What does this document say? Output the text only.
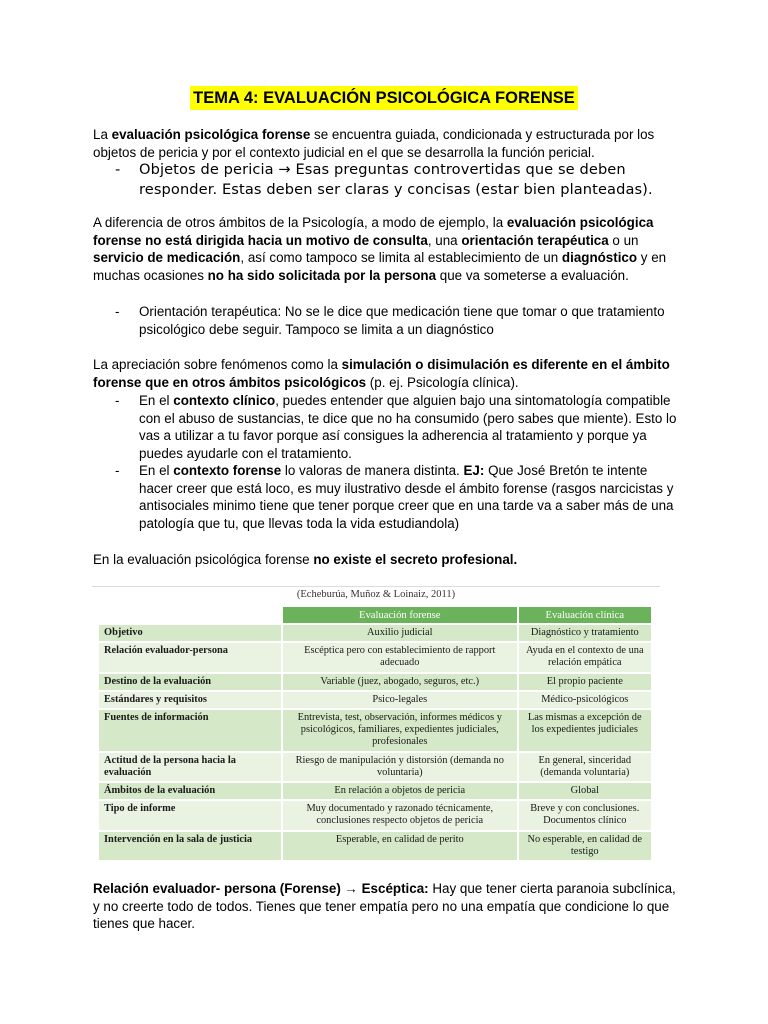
TEMA 4: EVALUACIÓN PSICOLÓGICA FORENSE
La evaluación psicológica forense se encuentra guiada, condicionada y estructurada por los objetos de pericia y por el contexto judicial en el que se desarrolla la función pericial.
- Objetos de pericia → Esas preguntas controvertidas que se deben responder. Estas deben ser claras y concisas (estar bien planteadas).
A diferencia de otros ámbitos de la Psicología, a modo de ejemplo, la evaluación psicológica forense no está dirigida hacia un motivo de consulta, una orientación terapéutica o un servicio de medicación, así como tampoco se limita al establecimiento de un diagnóstico y en muchas ocasiones no ha sido solicitada por la persona que va someterse a evaluación.
- Orientación terapéutica: No se le dice que medicación tiene que tomar o que tratamiento psicológico debe seguir. Tampoco se limita a un diagnóstico
La apreciación sobre fenómenos como la simulación o disimulación es diferente en el ámbito forense que en otros ámbitos psicológicos (p. ej. Psicología clínica).
- En el contexto clínico, puedes entender que alguien bajo una sintomatología compatible con el abuso de sustancias, te dice que no ha consumido (pero sabes que miente). Esto lo vas a utilizar a tu favor porque así consigues la adherencia al tratamiento y porque ya puedes ayudarle con el tratamiento.
- En el contexto forense lo valoras de manera distinta. EJ: Que José Bretón te intente hacer creer que está loco, es muy ilustrativo desde el ámbito forense (rasgos narcicistas y antisociales minimo tiene que tener porque creer que en una tarde va a saber más de una patología que tu, que llevas toda la vida estudiandola)
En la evaluación psicológica forense no existe el secreto profesional.
(Echeburúa, Muñoz & Loinaiz, 2011)
	Evaluación forense	Evaluación clínica
Objetivo	Auxilio judicial	Diagnóstico y tratamiento
Relación evaluador-persona	Escéptica pero con establecimiento de rapport adecuado	Ayuda en el contexto de una relación empática
Destino de la evaluación	Variable (juez, abogado, seguros, etc.)	El propio paciente
Estándares y requisitos	Psico-legales	Médico-psicológicos
Fuentes de información	Entrevista, test, observación, informes médicos y psicológicos, familiares, expedientes judiciales, profesionales	Las mismas a excepción de los expedientes judiciales
Actitud de la persona hacia la evaluación	Riesgo de manipulación y distorsión (demanda no voluntaria)	En general, sinceridad (demanda voluntaria)
Ámbitos de la evaluación	En relación a objetos de pericia	Global
Tipo de informe	Muy documentado y razonado técnicamente, conclusiones respecto objetos de pericia	Breve y con conclusiones. Documentos clínico
Intervención en la sala de justicia	Esperable, en calidad de perito	No esperable, en calidad de testigo
Relación evaluador- persona (Forense) → Escéptica: Hay que tener cierta paranoia subclínica, y no creerte todo de todos. Tienes que tener empatía pero no una empatía que condicione lo que tienes que hacer.
